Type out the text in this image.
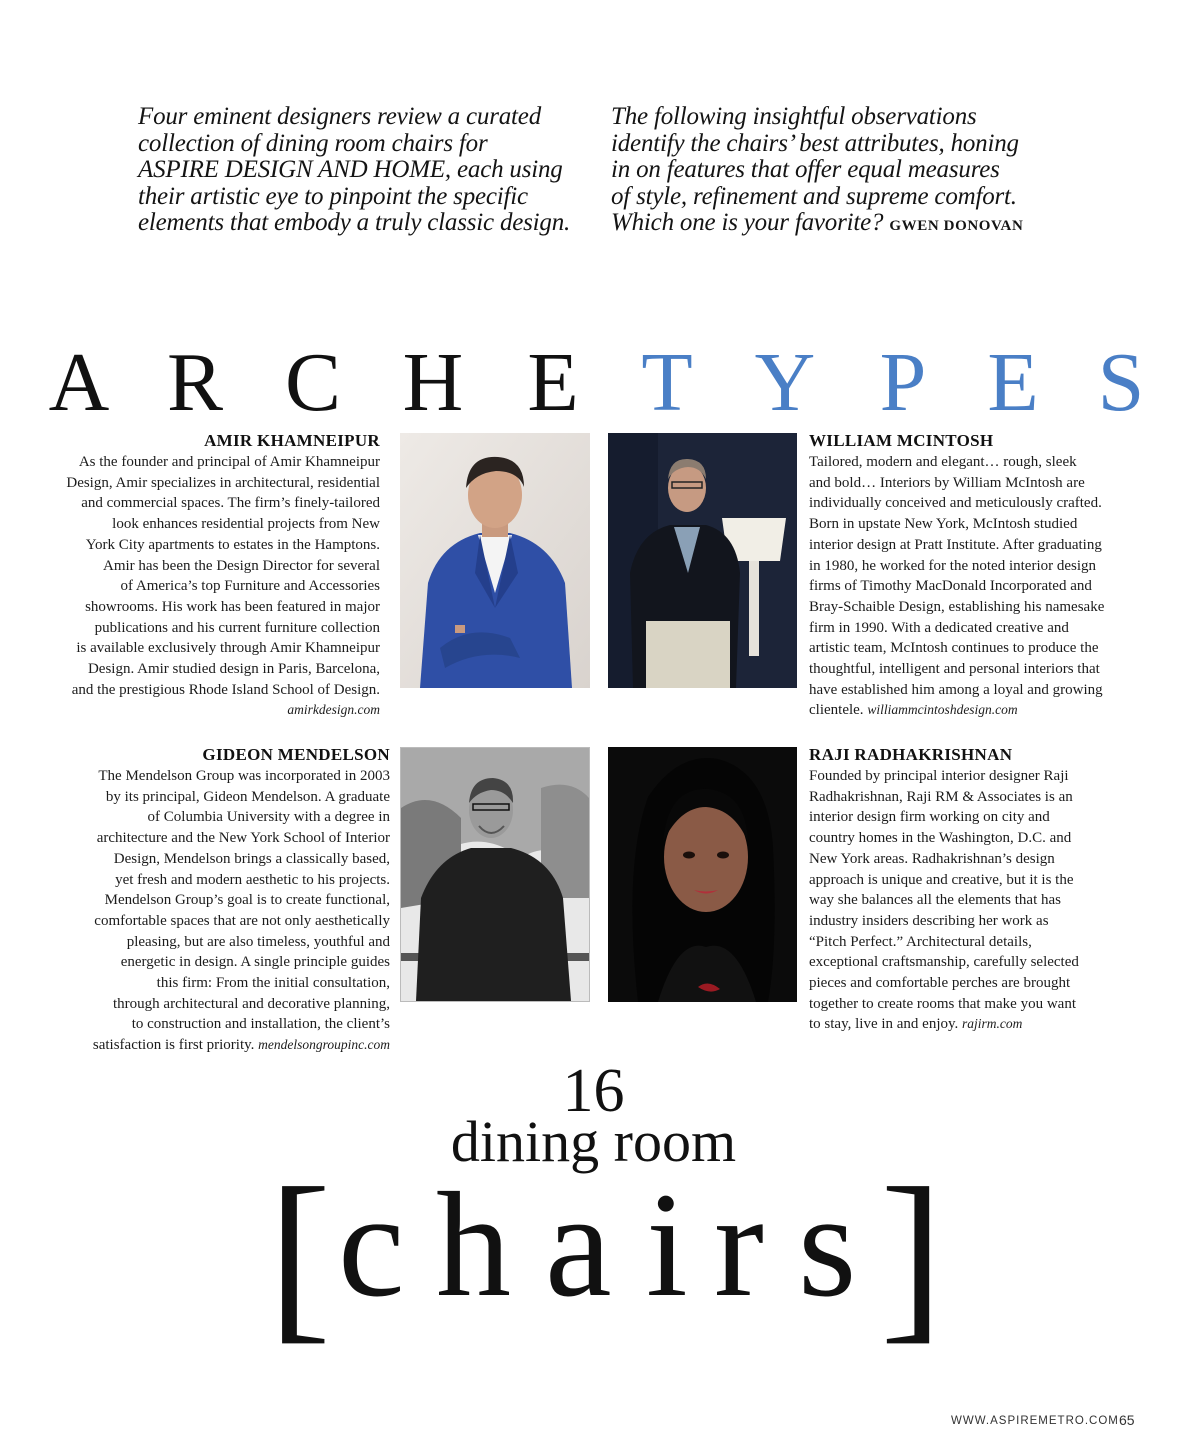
Four eminent designers review a curated
collection of dining room chairs for
ASPIRE DESIGN AND HOME, each using
their artistic eye to pinpoint the specific
elements that embody a truly classic design.
The following insightful observations
identify the chairs’ best attributes, honing
in on features that offer equal measures
of style, refinement and supreme comfort.
Which one is your favorite? GWEN DONOVAN
A R C H E T Y P E S
AMIR KHAMNEIPUR
As the founder and principal of Amir Khamneipur
Design, Amir specializes in architectural, residential
and commercial spaces. The firm’s finely-tailored
look enhances residential projects from New
York City apartments to estates in the Hamptons.
Amir has been the Design Director for several
of America’s top Furniture and Accessories
showrooms. His work has been featured in major
publications and his current furniture collection
is available exclusively through Amir Khamneipur
Design. Amir studied design in Paris, Barcelona,
and the prestigious Rhode Island School of Design.
amirkdesign.com
WILLIAM MCINTOSH
Tailored, modern and elegant… rough, sleek
and bold… Interiors by William McIntosh are
individually conceived and meticulously crafted.
Born in upstate New York, McIntosh studied
interior design at Pratt Institute. After graduating
in 1980, he worked for the noted interior design
firms of Timothy MacDonald Incorporated and
Bray-Schaible Design, establishing his namesake
firm in 1990. With a dedicated creative and
artistic team, McIntosh continues to produce the
thoughtful, intelligent and personal interiors that
have established him among a loyal and growing
clientele. williammcintoshdesign.com
GIDEON MENDELSON
The Mendelson Group was incorporated in 2003
by its principal, Gideon Mendelson. A graduate
of Columbia University with a degree in
architecture and the New York School of Interior
Design, Mendelson brings a classically based,
yet fresh and modern aesthetic to his projects.
Mendelson Group’s goal is to create functional,
comfortable spaces that are not only aesthetically
pleasing, but are also timeless, youthful and
energetic in design. A single principle guides
this firm: From the initial consultation,
through architectural and decorative planning,
to construction and installation, the client’s
satisfaction is first priority. mendelsongroupinc.com
RAJI RADHAKRISHNAN
Founded by principal interior designer Raji
Radhakrishnan, Raji RM & Associates is an
interior design firm working on city and
country homes in the Washington, D.C. and
New York areas. Radhakrishnan’s design
approach is unique and creative, but it is the
way she balances all the elements that has
industry insiders describing her work as
“Pitch Perfect.” Architectural details,
exceptional craftsmanship, carefully selected
pieces and comfortable perches are brought
together to create rooms that make you want
to stay, live in and enjoy. rajirm.com
16
dining room
[ c h a i r s ]
WWW.ASPIREMETRO.COM 65
